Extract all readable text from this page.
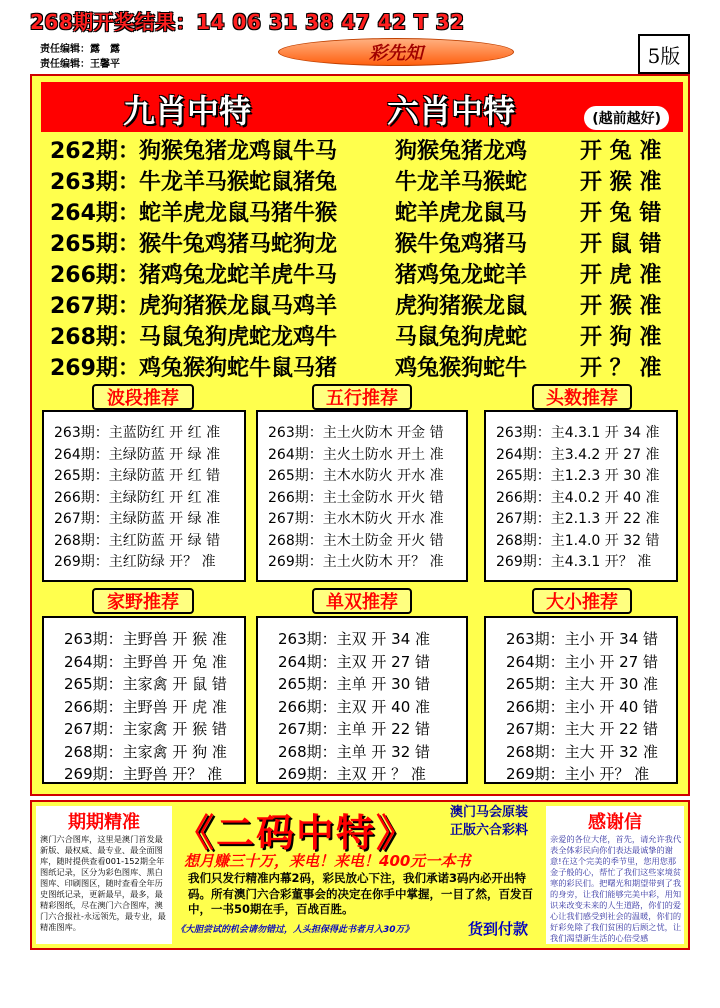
268期开奖结果：14 06 31 38 47 42 T 32
责任编辑：露　露
责任编辑：王馨平
彩先知	5版
九肖中特	六肖中特	(越前越好)
262期： 狗猴兔猪龙鸡鼠牛马	狗猴兔猪龙鸡 开 兔 准
263期： 牛龙羊马猴蛇鼠猪兔	牛龙羊马猴蛇 开 猴 准
264期： 蛇羊虎龙鼠马猪牛猴	蛇羊虎龙鼠马 开 兔 错
265期： 猴牛兔鸡猪马蛇狗龙	猴牛兔鸡猪马 开 鼠 错
266期： 猪鸡兔龙蛇羊虎牛马	猪鸡兔龙蛇羊 开 虎 准
267期： 虎狗猪猴龙鼠马鸡羊	虎狗猪猴龙鼠 开 猴 准
268期： 马鼠兔狗虎蛇龙鸡牛	马鼠兔狗虎蛇 开 狗 准
269期： 鸡兔猴狗蛇牛鼠马猪	鸡兔猴狗蛇牛 开 ？ 准
263期：主蓝防红 开 红 准
264期：主绿防蓝 开 绿 准
265期：主绿防蓝 开 红 错
266期：主绿防红 开 红 准
267期：主绿防蓝 开 绿 准
268期：主红防蓝 开 绿 错
269期：主红防绿 开？ 准
波段推荐
263期：主土火防木 开金 错
264期：主火土防水 开土 准
265期：主木水防火 开水 准
266期：主土金防水 开火 错
267期：主水木防火 开水 准
268期：主木土防金 开火 错
269期：主土火防木 开？ 准
五行推荐
263期：主4.3.1 开 34 准
264期：主3.4.2 开 27 准
265期：主1.2.3 开 30 准
266期：主4.0.2 开 40 准
267期：主2.1.3 开 22 准
268期：主1.4.0 开 32 错
269期：主4.3.1 开？ 准
头数推荐
263期：主野兽 开 猴 准
264期：主野兽 开 兔 准
265期：主家禽 开 鼠 错
266期：主野兽 开 虎 准
267期：主家禽 开 猴 错
268期：主家禽 开 狗 准
269期：主野兽 开？ 准
家野推荐
263期：主双 开 34 准
264期：主双 开 27 错
265期：主单 开 30 错
266期：主双 开 40 准
267期：主单 开 22 错
268期：主单 开 32 错
269期：主双 开 ？ 准
单双推荐
263期：主小 开 34 错
264期：主小 开 27 错
265期：主大 开 30 准
266期：主小 开 40 错
267期：主大 开 22 错
268期：主大 开 32 准
269期：主小 开？ 准
大小推荐
期期精准
澳门六合图库，这里是澳门首发最新版、最权威、最专业、最全面图库，随时提供查看001-152期全年图纸记录，区分为彩色图库、黑白图库、印刷图区，随时查看全年历史图纸记录，更新最早，最多，最精彩图纸，尽在澳门六合图库，澳门六合报社-永远领先，最专业，最精准图库。
《二码中特》	澳门马会原装
正版六合彩料
想月赚三十万，来电！来电！400元一本书
我们只发行精准内幕2码，彩民放心下注，我们承诺3码内必开出特码。所有澳门六合彩董事会的决定在你手中掌握，一目了然，百发百中，一书50期在手，百战百胜。
《大胆尝试的机会请勿错过，人头担保得此书者月入30万》	货到付款
感谢信
亲爱的各位大佬，首先，请允许我代表全体彩民向你们表达最诚挚的谢意!在这个完美的季节里，您用您那金子般的心，帮忙了我们这些家境贫寒的彩民们。把曙光和期望带到了我的身旁，让我们能够完美中彩，用知识来改变未来的人生道路，你们的爱心让我们感受到社会的温暖，你们的好彩免除了我们贫困的后顾之忧，让我们渴望新生活的心倍受感
